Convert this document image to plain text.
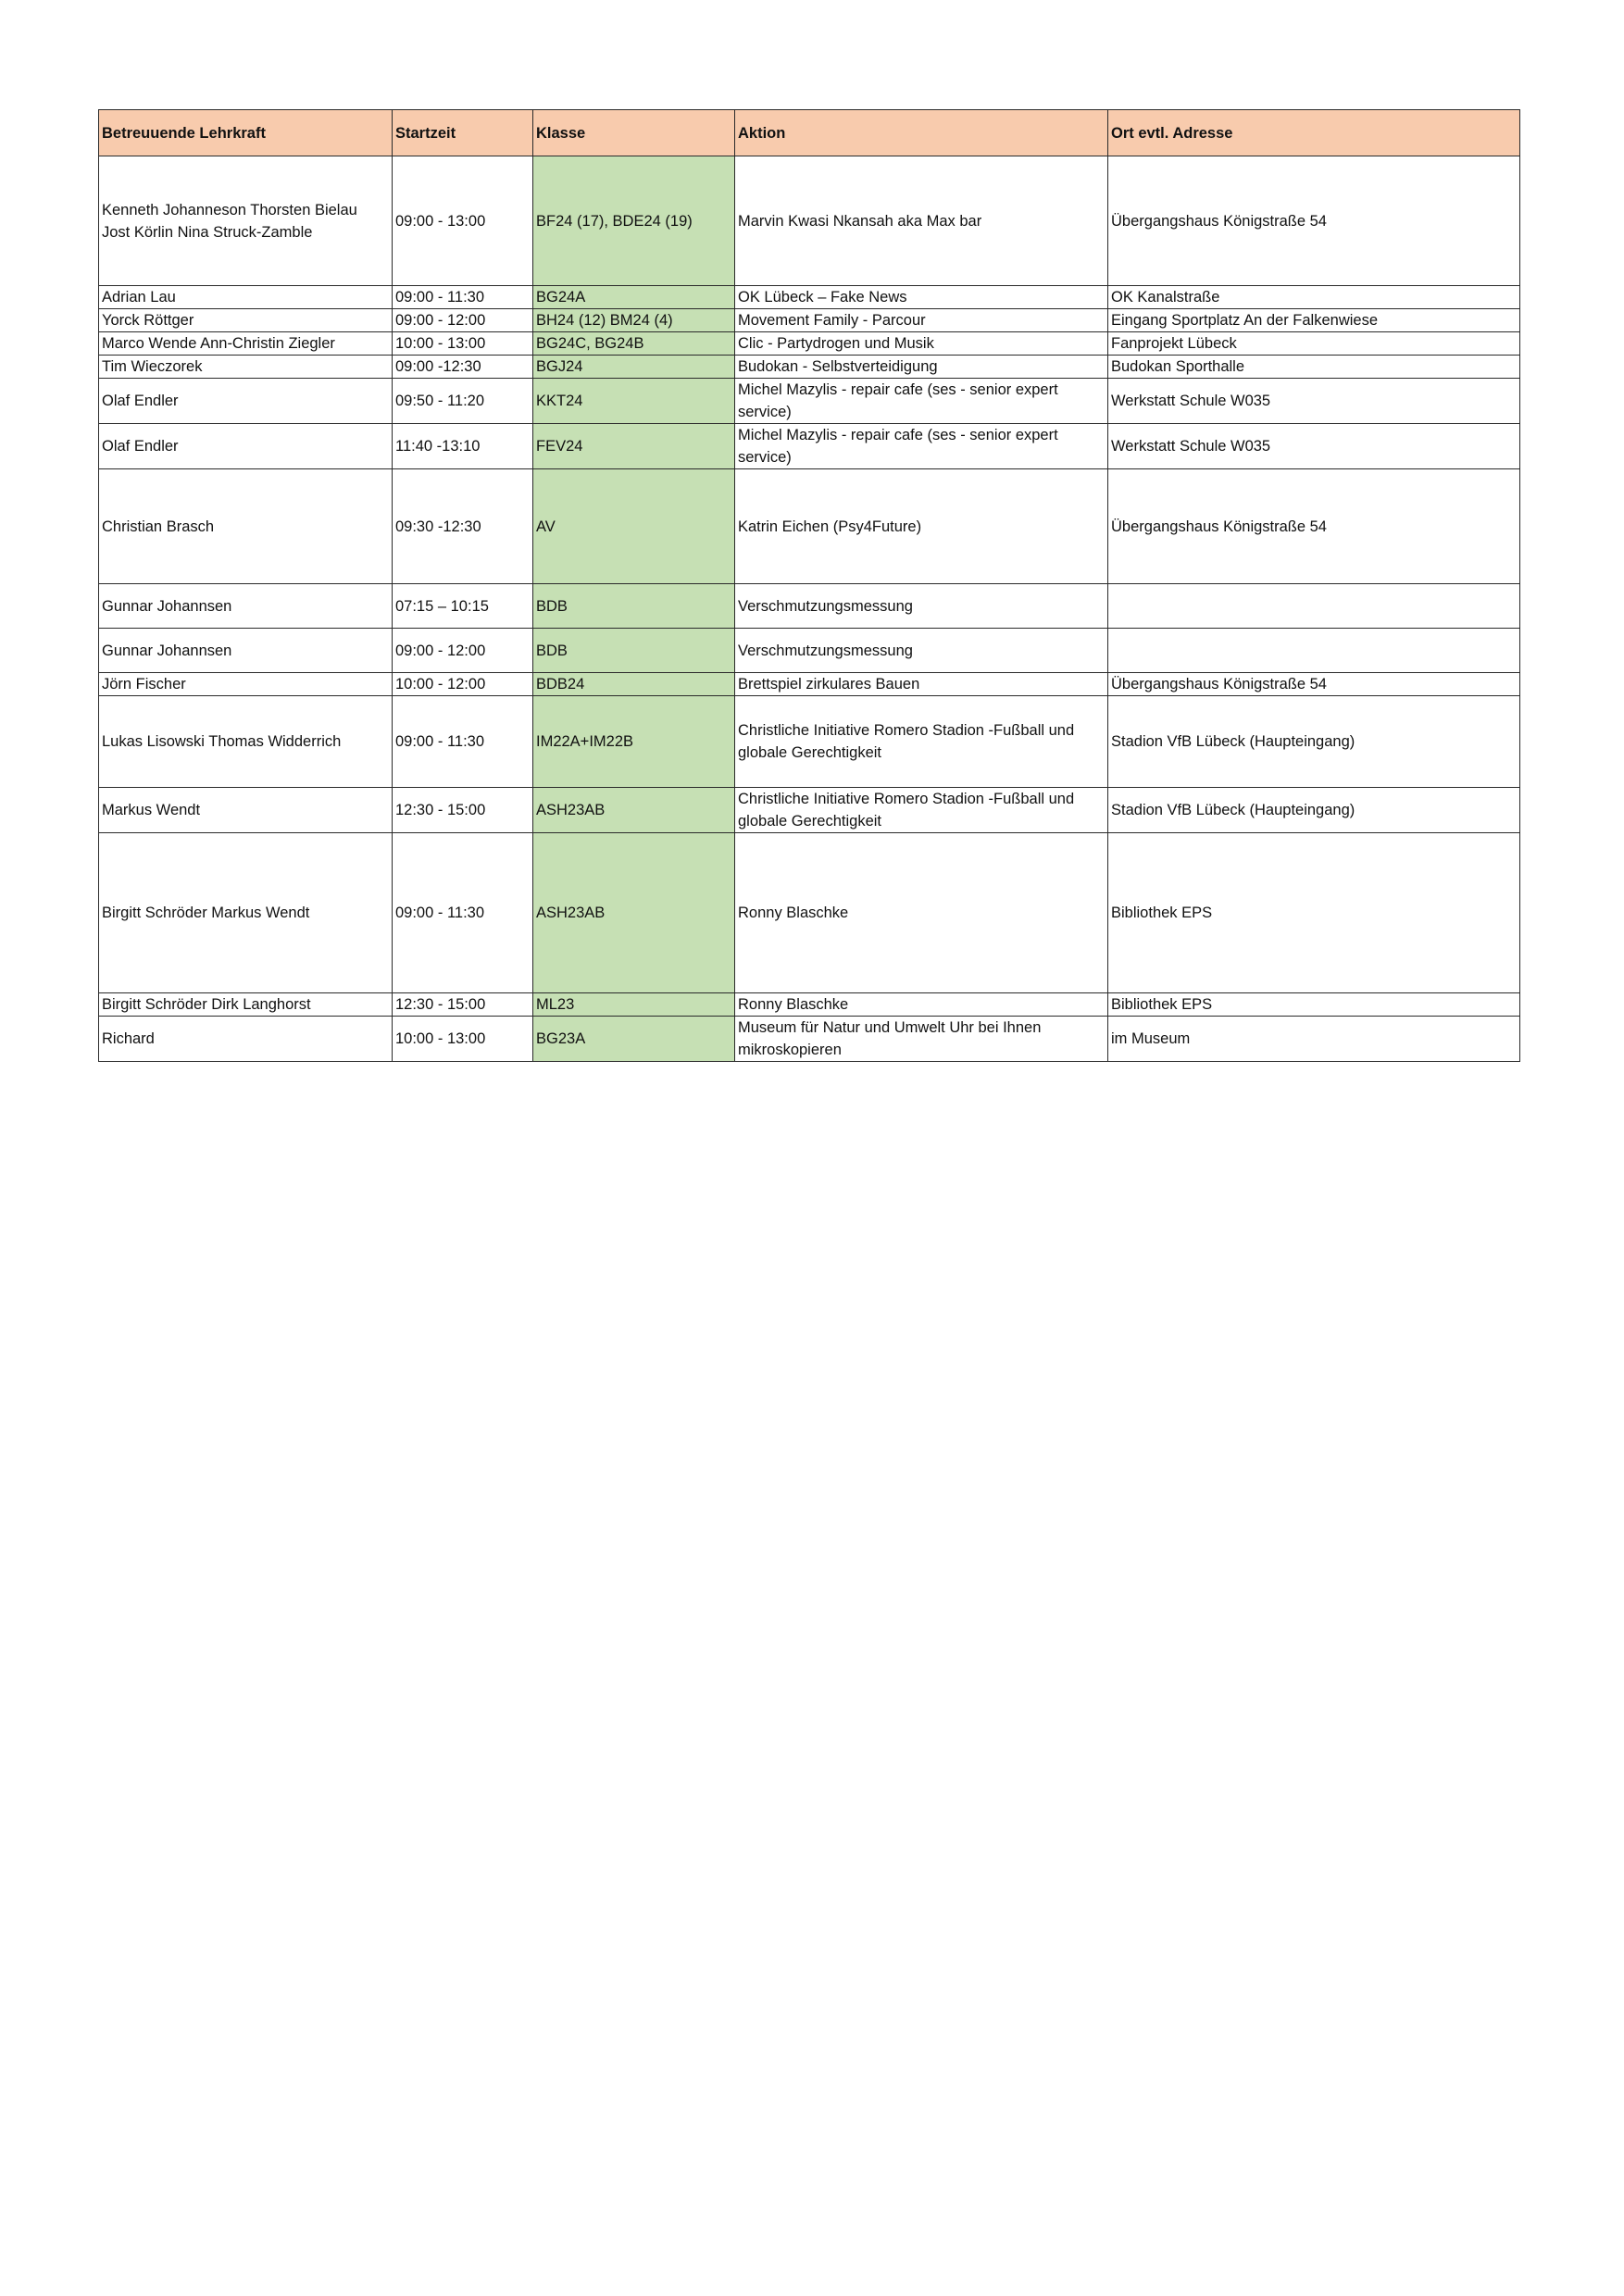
Betreuuende Lehrkraft	Startzeit	Klasse	Aktion	Ort evtl. Adresse
Kenneth Johanneson Thorsten Bielau Jost Körlin Nina Struck-Zamble	09:00 - 13:00	BF24 (17), BDE24 (19)	Marvin Kwasi Nkansah aka Max bar	Übergangshaus Königstraße 54
Adrian Lau	09:00 - 11:30	BG24A	OK Lübeck – Fake News	OK Kanalstraße
Yorck Röttger	09:00 - 12:00	BH24 (12) BM24 (4)	Movement Family - Parcour	Eingang Sportplatz An der Falkenwiese
Marco Wende Ann-Christin Ziegler	10:00 - 13:00	BG24C, BG24B	Clic - Partydrogen und Musik	Fanprojekt Lübeck
Tim Wieczorek	09:00 -12:30	BGJ24	Budokan - Selbstverteidigung	Budokan Sporthalle
Olaf Endler	09:50 - 11:20	KKT24	Michel Mazylis - repair cafe (ses - senior expert service)	Werkstatt Schule W035
Olaf Endler	11:40 -13:10	FEV24	Michel Mazylis - repair cafe (ses - senior expert service)	Werkstatt Schule W035
Christian Brasch	09:30 -12:30	AV	Katrin Eichen (Psy4Future)	Übergangshaus Königstraße 54
Gunnar Johannsen	07:15 – 10:15	BDB	Verschmutzungsmessung	
Gunnar Johannsen	09:00 - 12:00	BDB	Verschmutzungsmessung	
Jörn Fischer	10:00 - 12:00	BDB24	Brettspiel zirkulares Bauen	Übergangshaus Königstraße 54
Lukas Lisowski Thomas Widderrich	09:00 - 11:30	IM22A+IM22B	Christliche Initiative Romero Stadion -Fußball und globale Gerechtigkeit	Stadion VfB Lübeck (Haupteingang)
Markus Wendt	12:30 - 15:00	ASH23AB	Christliche Initiative Romero Stadion -Fußball und globale Gerechtigkeit	Stadion VfB Lübeck (Haupteingang)
Birgitt Schröder Markus Wendt	09:00 - 11:30	ASH23AB	Ronny Blaschke	Bibliothek EPS
Birgitt Schröder Dirk Langhorst	12:30 - 15:00	ML23	Ronny Blaschke	Bibliothek EPS
Richard	10:00 - 13:00	BG23A	Museum für Natur und Umwelt Uhr bei Ihnen mikroskopieren	im Museum
